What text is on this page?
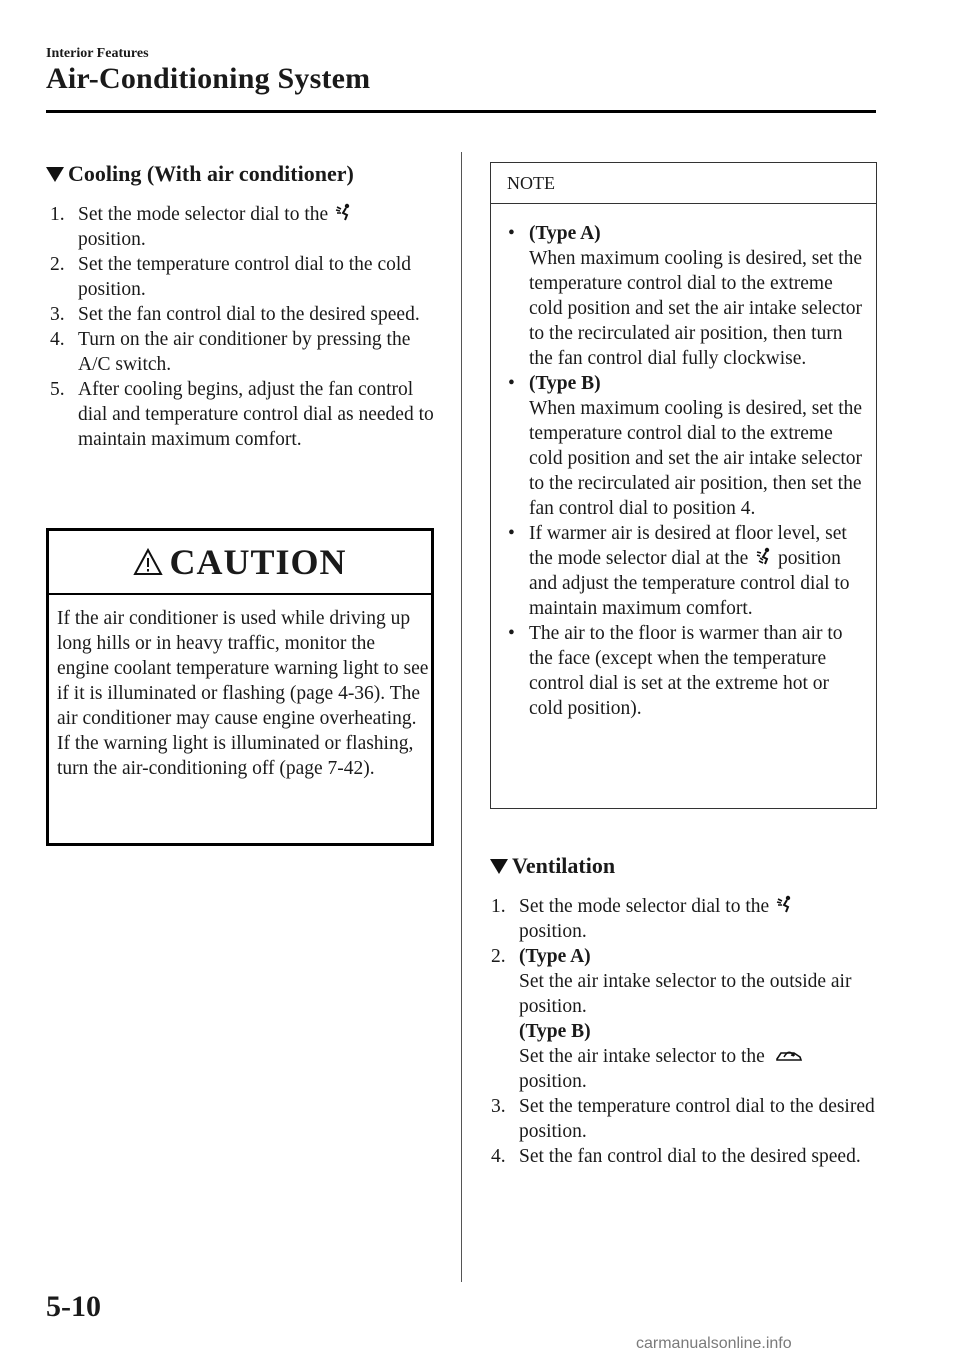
Interior Features
Air-Conditioning System
Cooling (With air conditioner)
1. Set the mode selector dial to the
position.
2. Set the temperature control dial to the cold position.
3. Set the fan control dial to the desired speed.
4. Turn on the air conditioner by pressing the A/C switch.
5. After cooling begins, adjust the fan control dial and temperature control dial as needed to maintain maximum comfort.
CAUTION
If the air conditioner is used while driving up long hills or in heavy traffic, monitor the engine coolant temperature warning light to see if it is illuminated or flashing (page 4-36). The air conditioner may cause engine overheating. If the warning light is illuminated or flashing, turn the air-conditioning off (page 7-42).
NOTE
• (Type A)
When maximum cooling is desired, set the temperature control dial to the extreme cold position and set the air intake selector to the recirculated air position, then turn the fan control dial fully clockwise.
• (Type B)
When maximum cooling is desired, set the temperature control dial to the extreme cold position and set the air intake selector to the recirculated air position, then set the fan control dial to position 4.
• If warmer air is desired at floor level, set the mode selector dial at the position and adjust the temperature control dial to maintain maximum comfort.
• The air to the floor is warmer than air to the face (except when the temperature control dial is set at the extreme hot or cold position).
Ventilation
1. Set the mode selector dial to the
position.
2. (Type A)
Set the air intake selector to the outside air position.
(Type B)
Set the air intake selector to the
position.
3. Set the temperature control dial to the desired position.
4. Set the fan control dial to the desired speed.
5-10
carmanualsonline.info
